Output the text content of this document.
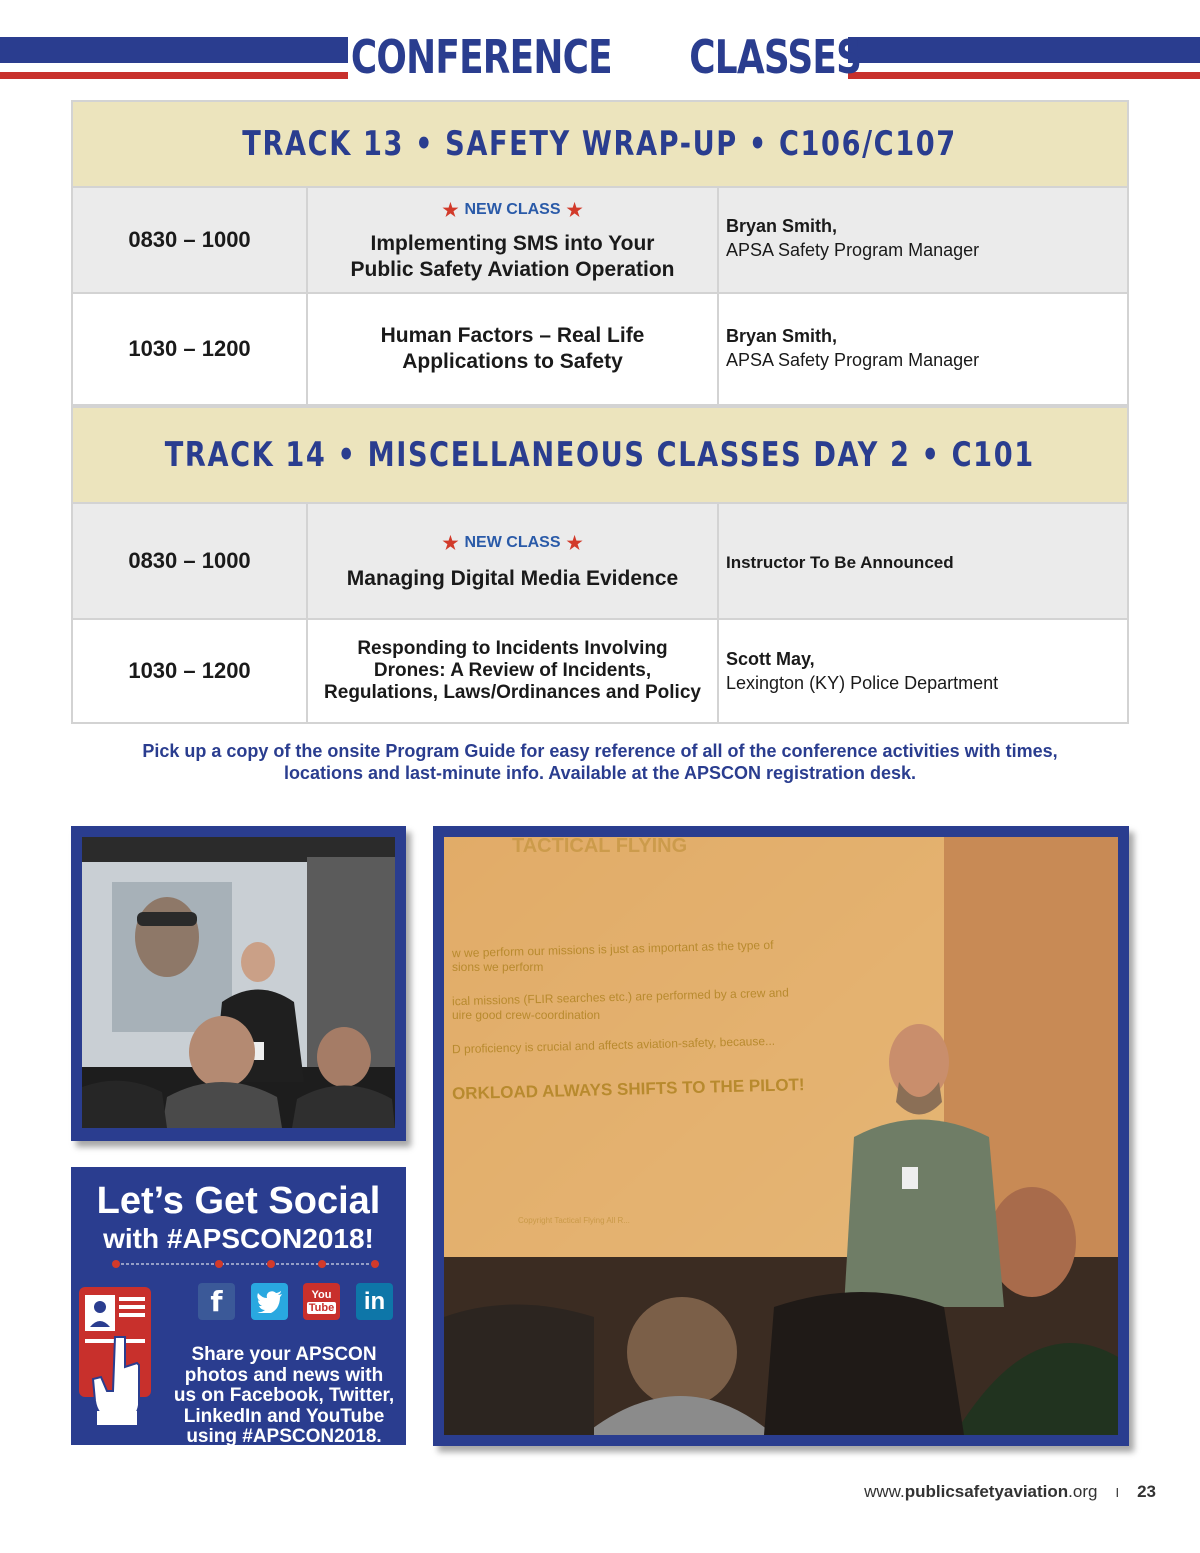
CONFERENCE CLASSES
TRACK 13 • SAFETY WRAP-UP • C106/C107
0830 – 1000
★ NEW CLASS ★
Implementing SMS into Your
Public Safety Aviation Operation
Bryan Smith,
APSA Safety Program Manager
1030 – 1200
Human Factors – Real Life
Applications to Safety
Bryan Smith,
APSA Safety Program Manager
TRACK 14 • MISCELLANEOUS CLASSES DAY 2 • C101
0830 – 1000
★ NEW CLASS ★
Managing Digital Media Evidence
Instructor To Be Announced
1030 – 1200
Responding to Incidents Involving
Drones: A Review of Incidents,
Regulations, Laws/Ordinances and Policy
Scott May,
Lexington (KY) Police Department
Pick up a copy of the onsite Program Guide for easy reference of all of the conference activities with times,
locations and last-minute info. Available at the APSCON registration desk.
TACTICAL FLYING
w we perform our missions is just as important as the type of
sions we perform
ical missions (FLIR searches etc.) are performed by a crew and
uire good crew-coordination
D proficiency is crucial and affects aviation-safety, because...
ORKLOAD ALWAYS SHIFTS TO THE PILOT!
Copyright Tactical Flying All R...
Let’s Get Social
with #APSCON2018!
f	You
Tube in
Share your APSCON
photos and news with
us on Facebook, Twitter,
LinkedIn and YouTube
using #APSCON2018.
www.publicsafetyaviation.org I 23
